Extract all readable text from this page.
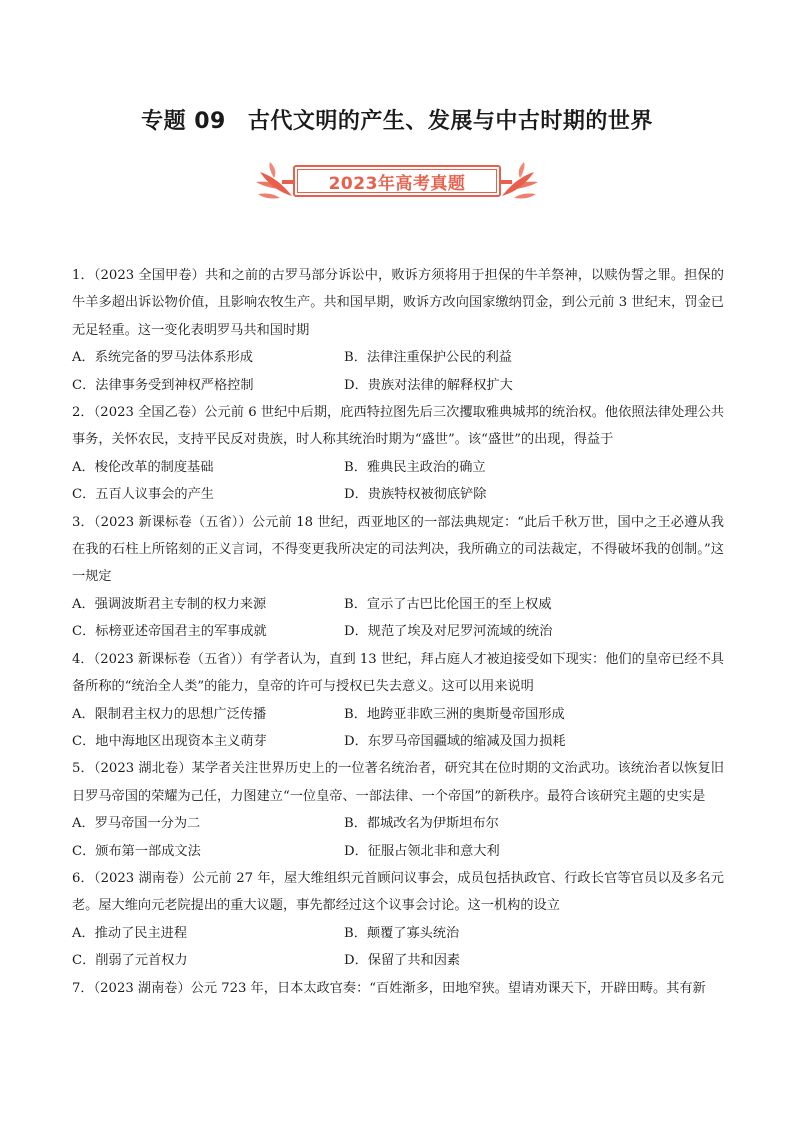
专题 09 古代文明的产生、发展与中古时期的世界
2023年高考真题
1．（2023 全国甲卷）共和之前的古罗马部分诉讼中，败诉方须将用于担保的牛羊祭神，以赎伪誓之罪。担保的牛羊多超出诉讼物价值，且影响农牧生产。共和国早期，败诉方改向国家缴纳罚金，到公元前 3 世纪末，罚金已无足轻重。这一变化表明罗马共和国时期
A．系统完备的罗马法体系形成	B．法律注重保护公民的利益
C．法律事务受到神权严格控制	D．贵族对法律的解释权扩大
2．（2023 全国乙卷）公元前 6 世纪中后期，庇西特拉图先后三次攫取雅典城邦的统治权。他依照法律处理公共事务，关怀农民，支持平民反对贵族，时人称其统治时期为“盛世”。该“盛世”的出现，得益于
A．梭伦改革的制度基础	B．雅典民主政治的确立
C．五百人议事会的产生	D．贵族特权被彻底铲除
3．（2023 新课标卷（五省））公元前 18 世纪，西亚地区的一部法典规定：“此后千秋万世，国中之王必遵从我在我的石柱上所铭刻的正义言词，不得变更我所决定的司法判决，我所确立的司法裁定，不得破坏我的创制。”这一规定
A．强调波斯君主专制的权力来源	B．宣示了古巴比伦国王的至上权威
C．标榜亚述帝国君主的军事成就	D．规范了埃及对尼罗河流域的统治
4．（2023 新课标卷（五省））有学者认为，直到 13 世纪，拜占庭人才被迫接受如下现实：他们的皇帝已经不具备所称的“统治全人类”的能力，皇帝的许可与授权已失去意义。这可以用来说明
A．限制君主权力的思想广泛传播	B．地跨亚非欧三洲的奥斯曼帝国形成
C．地中海地区出现资本主义萌芽	D．东罗马帝国疆域的缩减及国力损耗
5．（2023 湖北卷）某学者关注世界历史上的一位著名统治者，研究其在位时期的文治武功。该统治者以恢复旧日罗马帝国的荣耀为己任，力图建立“一位皇帝、一部法律、一个帝国”的新秩序。最符合该研究主题的史实是
A．罗马帝国一分为二	B．都城改名为伊斯坦布尔
C．颁布第一部成文法	D．征服占领北非和意大利
6．（2023 湖南卷）公元前 27 年，屋大维组织元首顾问议事会，成员包括执政官、行政长官等官员以及多名元老。屋大维向元老院提出的重大议题，事先都经过这个议事会讨论。这一机构的设立
A．推动了民主进程	B．颠覆了寡头统治
C．削弱了元首权力	D．保留了共和因素
7．（2023 湖南卷）公元 723 年，日本太政官奏：“百姓渐多，田地窄狭。望请劝课天下，开辟田畴。其有新
